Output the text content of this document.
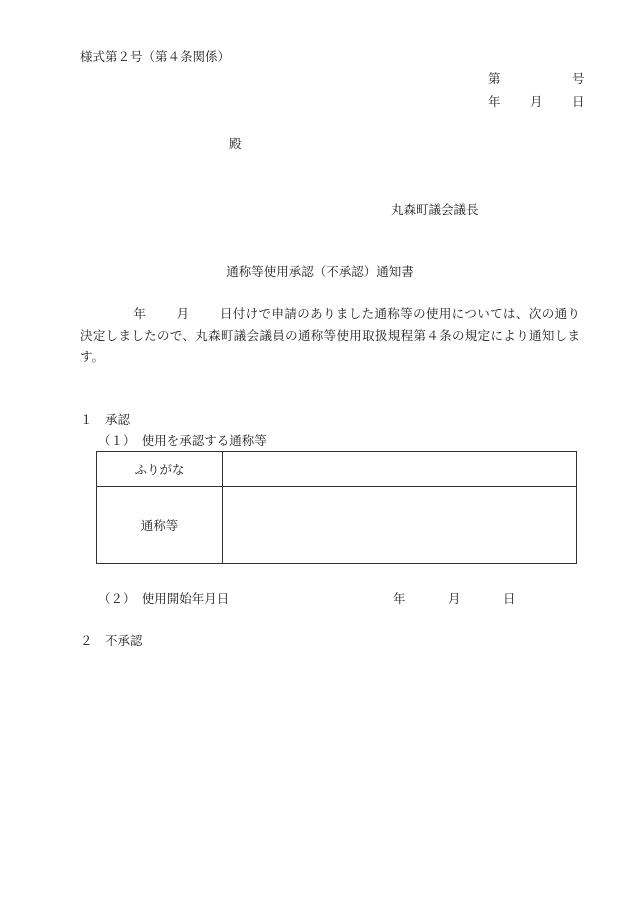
様式第２号（第４条関係）
第	号
年 月 日
殿
丸森町議会議長
通称等使用承認（不承認）通知書
年 月 日付けで申請のありました通称等の使用については、次の通り決定しましたので、丸森町議会議員の通称等使用取扱規程第４条の規定により通知します。
１　承認
（１）　使用を承認する通称等
ふりがな	
通称等	
（２）　使用開始年月日	年	月	日
２　不承認
